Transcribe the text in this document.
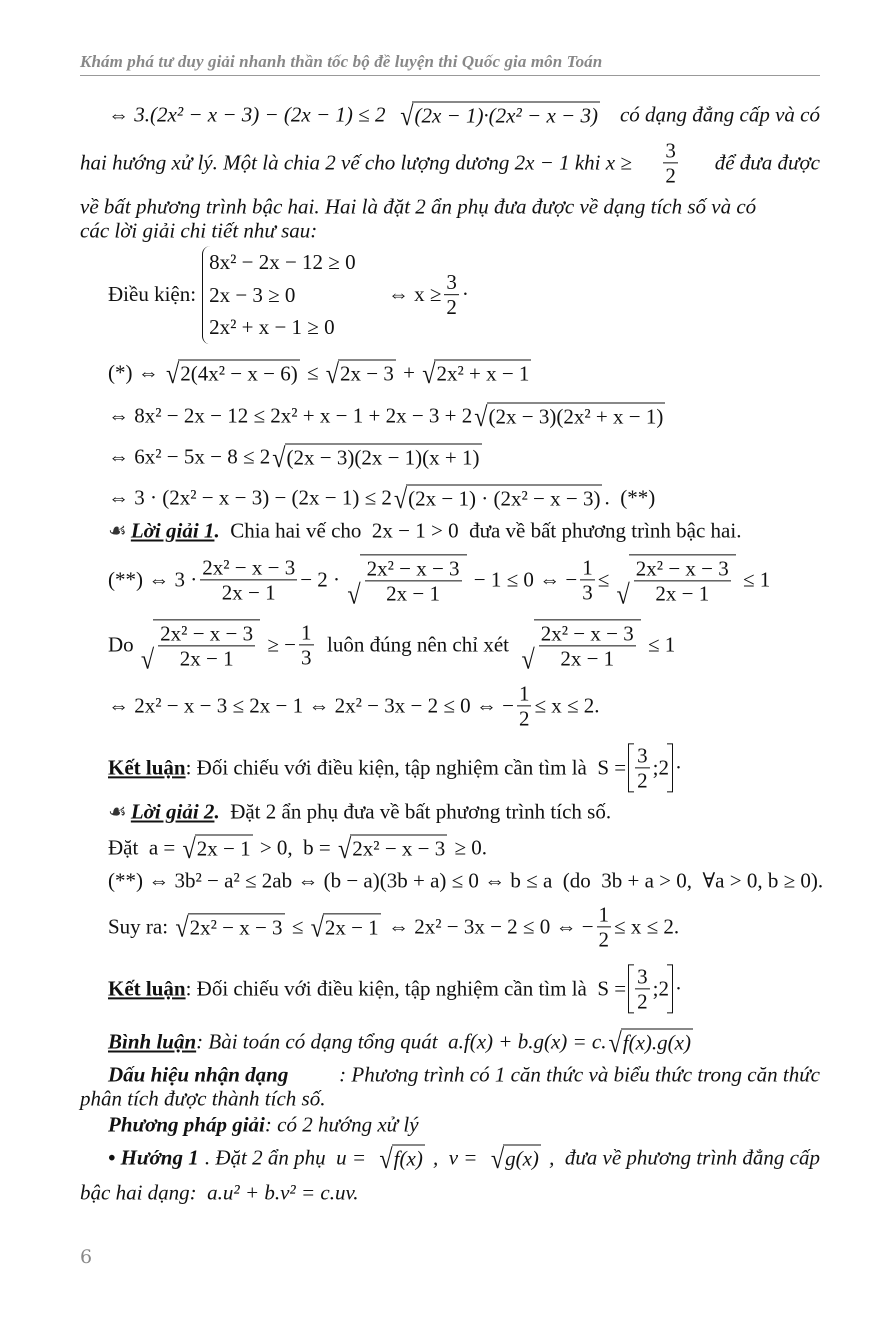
Khám phá tư duy giải nhanh thần tốc bộ đề luyện thi Quốc gia môn Toán
⇔ 3.(2x² − x − 3) − (2x − 1) ≤ 2 √ (2x − 1)·(2x² − x − 3) có dạng đẳng cấp và có
hai hướng xử lý. Một là chia 2 vế cho lượng dương 2x − 1 khi $x \ge \frac{3}{2}$ để đưa được
về bất phương trình bậc hai. Hai là đặt 2 ẩn phụ đưa được về dạng tích số và có
các lời giải chi tiết như sau:
Điều kiện:
8x² − 2x − 12 ≥ 0
2x − 3 ≥ 0
2x² + x − 1 ≥ 0
⇔ $x \ge \frac{3}{2}$ ·
(*) ⇔ √ 2(4x² − x − 6) ≤ √ 2x − 3 + √ 2x² + x − 1
⇔ 8x² − 2x − 12 ≤ 2x² + x − 1 + 2x − 3 + 2 √ (2x − 3)(2x² + x − 1)
⇔ 6x² − 5x − 8 ≤ 2 √ (2x − 3)(2x − 1)(x + 1)
⇔ 3 · (2x² − x − 3) − (2x − 1) ≤ 2 √ (2x − 1) · (2x² − x − 3) .  (**)
☙ Lời giải 1 . Chia hai vế cho  2x − 1 > 0  đưa về bất phương trình bậc hai.
(**) ⇔ $3 \cdot \frac{\text{2x² − x − 3}}{2x - 1} - 2$ · √ $\frac{\text{2x² − x − 3}}{2x - 1} - 1 \le 0$ ⇔ − $\frac{1}{3}$ ≤ √ $\frac{\text{2x² − x − 3}}{2x - 1} \le 1$
Do √ $\frac{\text{2x² − x − 3}}{2x - 1}$ ≥ − $\frac{1}{3}$ luôn đúng nên chỉ xét √ $\frac{\text{2x² − x − 3}}{2x - 1} \le 1$
⇔ 2x² − x − 3 ≤ 2x − 1 ⇔ 2x² − 3x − 2 ≤ 0 ⇔ − $\frac{1}{2} \le x \le 2$.
Kết luận : Đối chiếu với điều kiện, tập nghiệm cần tìm là  $S = \frac{3}{2}$ ;2 ·
☙ Lời giải 2 . Đặt 2 ẩn phụ đưa về bất phương trình tích số.
Đặt  a = √ 2x − 1 > 0,  b = √ 2x² − x − 3 ≥ 0.
(**) ⇔ 3b² − a² ≤ 2ab ⇔ (b − a)(3b + a) ≤ 0 ⇔ b ≤ a  (do  3b + a > 0,  ∀a > 0, b ≥ 0).
Suy ra: √ 2x² − x − 3 ≤ √ 2x − 1 ⇔ 2x² − 3x − 2 ≤ 0 ⇔ − $\frac{1}{2} \le x \le 2$.
Kết luận : Đối chiếu với điều kiện, tập nghiệm cần tìm là  $S = \frac{3}{2}$ ;2 ·
Bình luận : Bài toán có dạng tổng quát  a.f(x) + b.g(x) = c. √ f(x).g(x)
Dấu hiệu nhận dạng : Phương trình có 1 căn thức và biểu thức trong căn thức
phân tích được thành tích số.
Phương pháp giải : có 2 hướng xử lý
• Hướng 1 . Đặt 2 ẩn phụ  u = √ f(x) ,  v = √ g(x) ,  đưa về phương trình đẳng cấp
bậc hai dạng:  a.u² + b.v² = c.uv.
6
